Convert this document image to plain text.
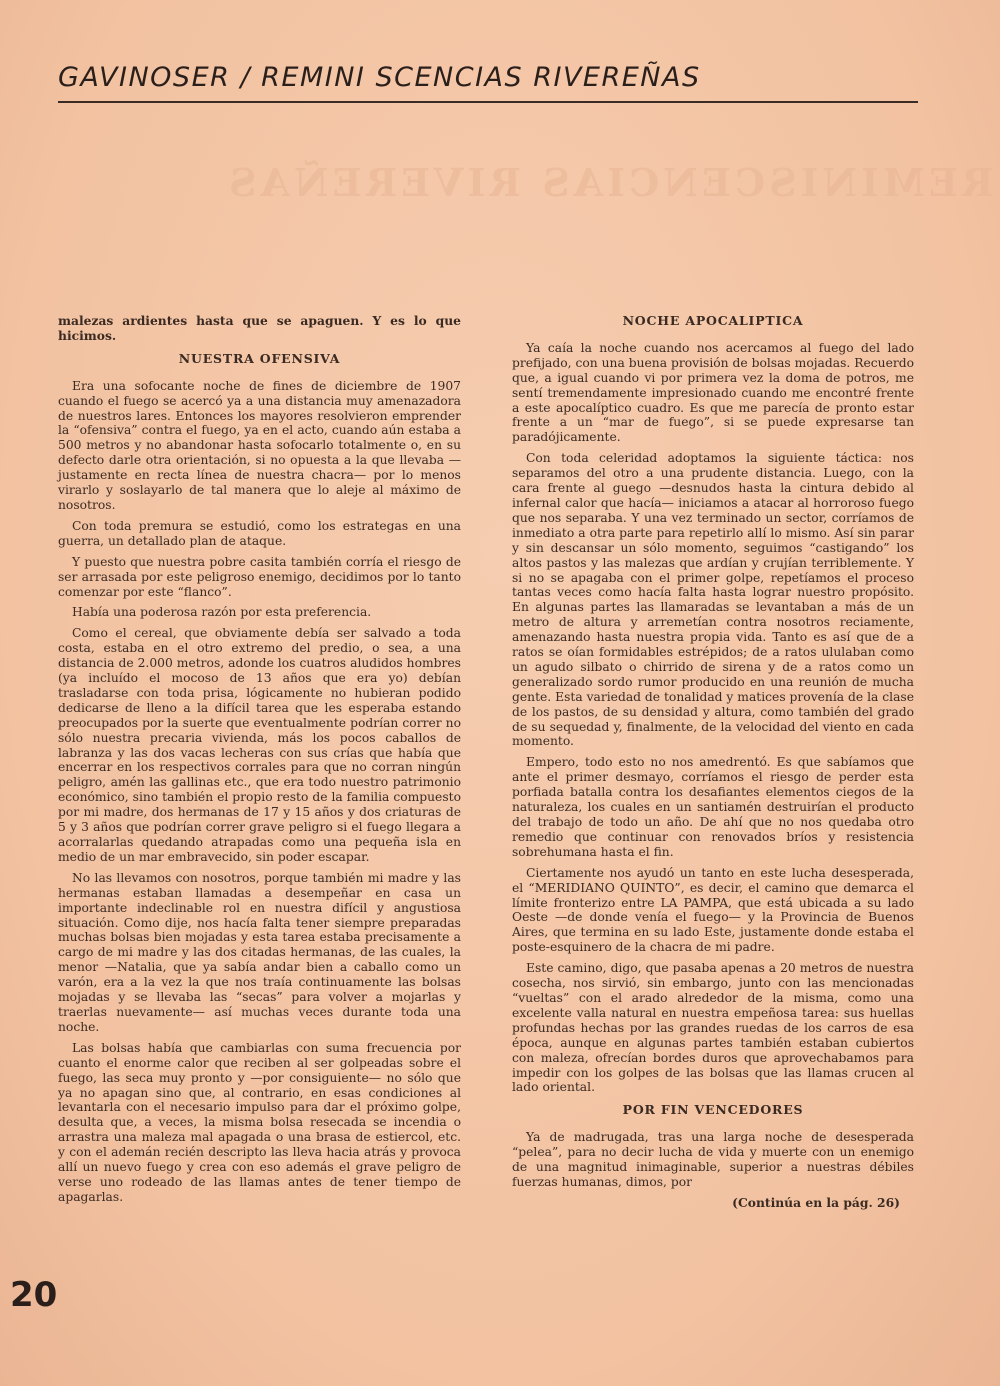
GAVINOSER / REMINI SCENCIAS RIVEREÑAS
REMINISCENCIAS RIVEREÑAS

malezas ardientes hasta que se apaguen. Y es lo que hicimos.

NUESTRA OFENSIVA

Era una sofocante noche de fines de diciembre de 1907 cuando el fuego se acercó ya a una distancia muy amenazadora de nuestros lares. Entonces los mayores resolvieron emprender la “ofensiva” contra el fuego, ya en el acto, cuando aún estaba a 500 metros y no abandonar hasta sofocarlo totalmente o, en su defecto darle otra orientación, si no opuesta a la que llevaba —justamente en recta línea de nuestra chacra— por lo menos virarlo y soslayarlo de tal manera que lo aleje al máximo de nosotros.

Con toda premura se estudió, como los estrategas en una guerra, un detallado plan de ataque.

Y puesto que nuestra pobre casita también corría el riesgo de ser arrasada por este peligroso enemigo, decidimos por lo tanto comenzar por este “flanco”.

Había una poderosa razón por esta preferencia.

Como el cereal, que obviamente debía ser salvado a toda costa, estaba en el otro extremo del predio, o sea, a una distancia de 2.000 metros, adonde los cuatros aludidos hombres (ya incluído el mocoso de 13 años que era yo) debían trasladarse con toda prisa, lógicamente no hubieran podido dedicarse de lleno a la difícil tarea que les esperaba estando preocupados por la suerte que eventualmente podrían correr no sólo nuestra precaria vivienda, más los pocos caballos de labranza y las dos vacas lecheras con sus crías que había que encerrar en los respectivos corrales para que no corran ningún peligro, amén las gallinas etc., que era todo nuestro patrimonio económico, sino también el propio resto de la familia compuesto por mi madre, dos hermanas de 17 y 15 años y dos criaturas de 5 y 3 años que podrían correr grave peligro si el fuego llegara a acorralarlas quedando atrapadas como una pequeña isla en medio de un mar embravecido, sin poder escapar.

No las llevamos con nosotros, porque también mi madre y las hermanas estaban llamadas a desempeñar en casa un importante indeclinable rol en nuestra difícil y angustiosa situación. Como dije, nos hacía falta tener siempre preparadas muchas bolsas bien mojadas y esta tarea estaba precisamente a cargo de mi madre y las dos citadas hermanas, de las cuales, la menor —Natalia, que ya sabía andar bien a caballo como un varón, era a la vez la que nos traía continuamente las bolsas mojadas y se llevaba las “secas” para volver a mojarlas y traerlas nuevamente— así muchas veces durante toda una noche.

Las bolsas había que cambiarlas con suma frecuencia por cuanto el enorme calor que reciben al ser golpeadas sobre el fuego, las seca muy pronto y —por consiguiente— no sólo que ya no apagan sino que, al contrario, en esas condiciones al levantarla con el necesario impulso para dar el próximo golpe, desulta que, a veces, la misma bolsa resecada se incendia o arrastra una maleza mal apagada o una brasa de estiercol, etc. y con el ademán recién descripto las lleva hacia atrás y provoca allí un nuevo fuego y crea con eso además el grave peligro de verse uno rodeado de las llamas antes de tener tiempo de apagarlas.

NOCHE APOCALIPTICA

Ya caía la noche cuando nos acercamos al fuego del lado prefijado, con una buena provisión de bolsas mojadas. Recuerdo que, a igual cuando vi por primera vez la doma de potros, me sentí tremendamente impresionado cuando me encontré frente a este apocalíptico cuadro. Es que me parecía de pronto estar frente a un “mar de fuego”, si se puede expresarse tan paradójicamente.

Con toda celeridad adoptamos la siguiente táctica: nos separamos del otro a una prudente distancia. Luego, con la cara frente al guego —desnudos hasta la cintura debido al infernal calor que hacía— iniciamos a atacar al horroroso fuego que nos separaba. Y una vez terminado un sector, corríamos de inmediato a otra parte para repetirlo allí lo mismo. Así sin parar y sin descansar un sólo momento, seguimos “castigando” los altos pastos y las malezas que ardían y crujían terriblemente. Y si no se apagaba con el primer golpe, repetíamos el proceso tantas veces como hacía falta hasta lograr nuestro propósito. En algunas partes las llamaradas se levantaban a más de un metro de altura y arremetían contra nosotros reciamente, amenazando hasta nuestra propia vida. Tanto es así que de a ratos se oían formidables estrépidos; de a ratos ululaban como un agudo silbato o chirrido de sirena y de a ratos como un generalizado sordo rumor producido en una reunión de mucha gente. Esta variedad de tonalidad y matices provenía de la clase de los pastos, de su densidad y altura, como también del grado de su sequedad y, finalmente, de la velocidad del viento en cada momento.

Empero, todo esto no nos amedrentó. Es que sabíamos que ante el primer desmayo, corríamos el riesgo de perder esta porfiada batalla contra los desafiantes elementos ciegos de la naturaleza, los cuales en un santiamén destruirían el producto del trabajo de todo un año. De ahí que no nos quedaba otro remedio que continuar con renovados bríos y resistencia sobrehumana hasta el fin.

Ciertamente nos ayudó un tanto en este lucha desesperada, el “MERIDIANO QUINTO”, es decir, el camino que demarca el límite fronterizo entre LA PAMPA, que está ubicada a su lado Oeste —de donde venía el fuego— y la Provincia de Buenos Aires, que termina en su lado Este, justamente donde estaba el poste-esquinero de la chacra de mi padre.

Este camino, digo, que pasaba apenas a 20 metros de nuestra cosecha, nos sirvió, sin embargo, junto con las mencionadas “vueltas” con el arado alrededor de la misma, como una excelente valla natural en nuestra empeñosa tarea: sus huellas profundas hechas por las grandes ruedas de los carros de esa época, aunque en algunas partes también estaban cubiertos con maleza, ofrecían bordes duros que aprovechabamos para impedir con los golpes de las bolsas que las llamas crucen al lado oriental.

POR FIN VENCEDORES

Ya de madrugada, tras una larga noche de desesperada “pelea”, para no decir lucha de vida y muerte con un enemigo de una magnitud inimaginable, superior a nuestras débiles fuerzas humanas, dimos, por

(Continúa en la pág. 26)
20
